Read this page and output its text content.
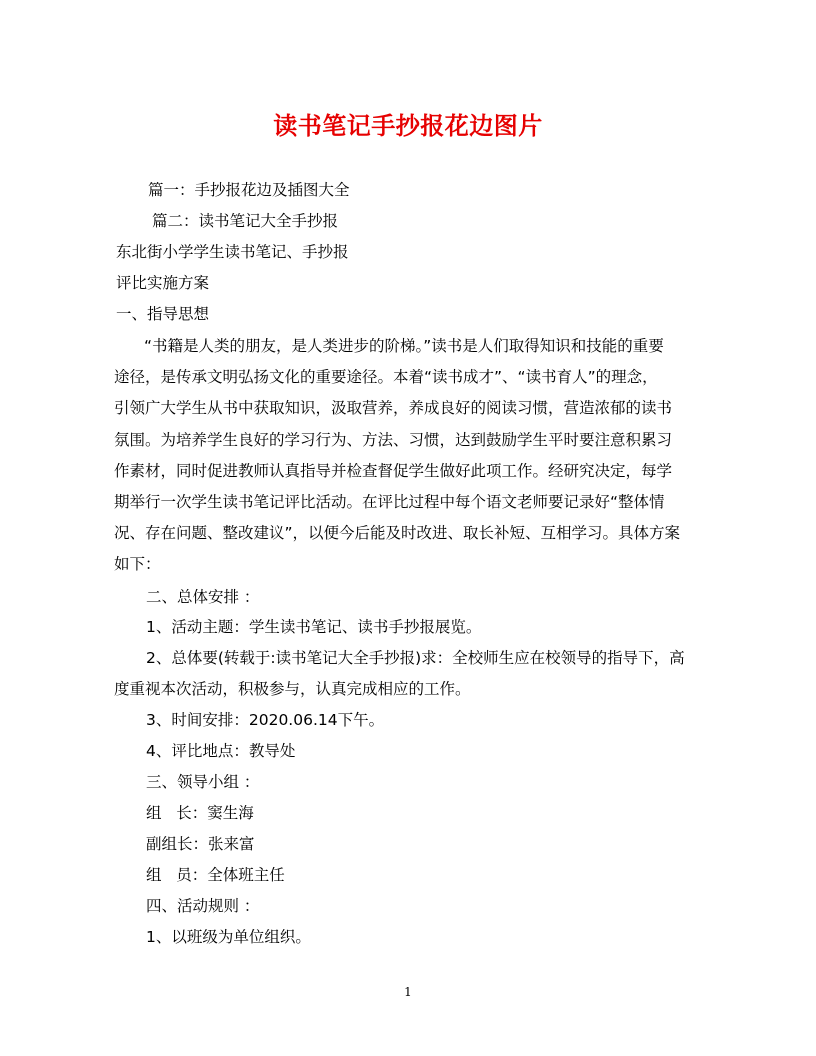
读书笔记手抄报花边图片
篇一：手抄报花边及插图大全
篇二：读书笔记大全手抄报
东北街小学学生读书笔记、手抄报
评比实施方案
一、指导思想
“书籍是人类的朋友，是人类进步的阶梯。”读书是人们取得知识和技能的重要
途径，是传承文明弘扬文化的重要途径。本着“读书成才”、“读书育人”的理念，
引领广大学生从书中获取知识，汲取营养，养成良好的阅读习惯，营造浓郁的读书
氛围。为培养学生良好的学习行为、方法、习惯，达到鼓励学生平时要注意积累习
作素材，同时促进教师认真指导并检查督促学生做好此项工作。经研究决定，每学
期举行一次学生读书笔记评比活动。在评比过程中每个语文老师要记录好“整体情
况、存在问题、整改建议”，以便今后能及时改进、取长补短、互相学习。具体方案
如下：
二、总体安排 ：
1、活动主题：学生读书笔记、读书手抄报展览。
2、总体要(转载于:读书笔记大全手抄报)求：全校师生应在校领导的指导下，高
度重视本次活动，积极参与，认真完成相应的工作。
3、时间安排：2020.06.14下午。
4、评比地点：教导处
三、领导小组 ：
组   长：窦生海
副组长：张来富
组   员：全体班主任
四、活动规则 ：
1、以班级为单位组织。
1
